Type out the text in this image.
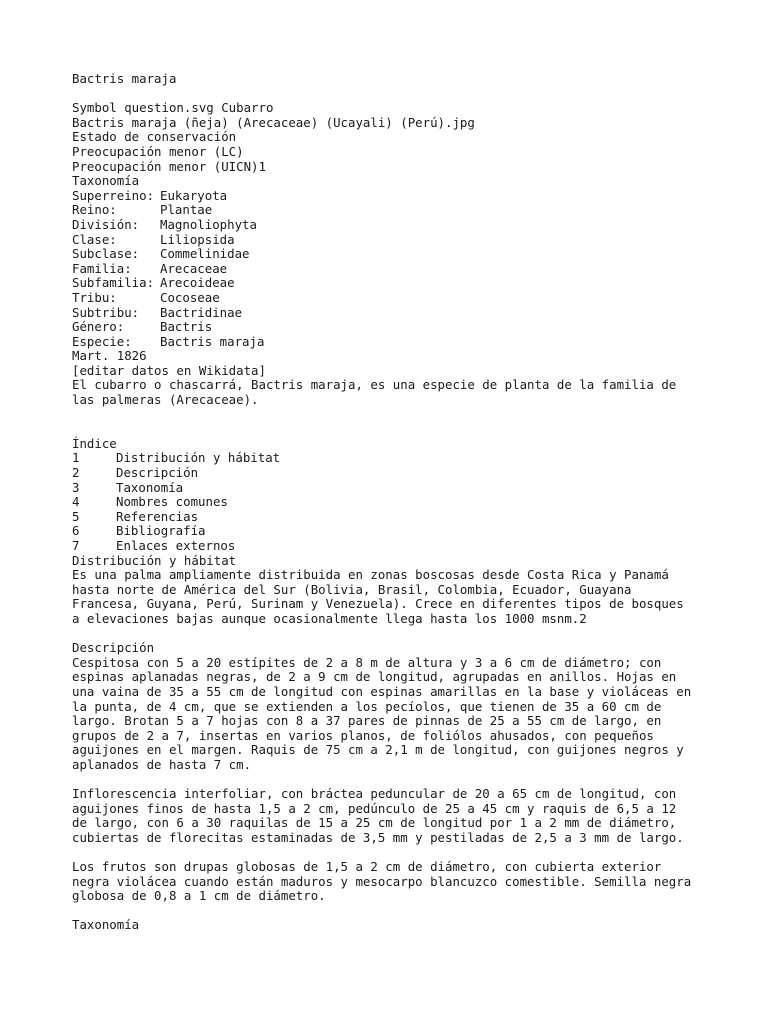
Bactris maraja
Symbol question.svg Cubarro
Bactris maraja (ñeja) (Arecaceae) (Ucayali) (Perú).jpg
Estado de conservación
Preocupación menor (LC)
Preocupación menor (UICN)1
Taxonomía
Superreino: Eukaryota
Reino:	Plantae
División: Magnoliophyta
Clase:	Liliopsida
Subclase: Commelinidae
Familia: Arecaceae
Subfamilia: Arecoideae
Tribu:	Cocoseae
Subtribu: Bactridinae
Género:	Bactris
Especie: Bactris maraja
Mart. 1826
[editar datos en Wikidata]
El cubarro o chascarrá, Bactris maraja, es una especie de planta de la familia de
las palmeras (Arecaceae).
Índice
1	Distribución y hábitat
2	Descripción
3	Taxonomía
4	Nombres comunes
5	Referencias
6	Bibliografía
7	Enlaces externos
Distribución y hábitat
Es una palma ampliamente distribuida en zonas boscosas desde Costa Rica y Panamá
hasta norte de América del Sur (Bolivia, Brasil, Colombia, Ecuador, Guayana
Francesa, Guyana, Perú, Surinam y Venezuela). Crece en diferentes tipos de bosques
a elevaciones bajas aunque ocasionalmente llega hasta los 1000 msnm.2
Descripción
Cespitosa con 5 a 20 estípites de 2 a 8 m de altura y 3 a 6 cm de diámetro; con
espinas aplanadas negras, de 2 a 9 cm de longitud, agrupadas en anillos. Hojas en
una vaina de 35 a 55 cm de longitud con espinas amarillas en la base y violáceas en
la punta, de 4 cm, que se extienden a los pecíolos, que tienen de 35 a 60 cm de
largo. Brotan 5 a 7 hojas con 8 a 37 pares de pinnas de 25 a 55 cm de largo, en
grupos de 2 a 7, insertas en varios planos, de foliólos ahusados, con pequeños
aguijones en el margen. Raquis de 75 cm a 2,1 m de longitud, con guijones negros y
aplanados de hasta 7 cm.
Inflorescencia interfoliar, con bráctea peduncular de 20 a 65 cm de longitud, con
aguijones finos de hasta 1,5 a 2 cm, pedúnculo de 25 a 45 cm y raquis de 6,5 a 12
de largo, con 6 a 30 raquilas de 15 a 25 cm de longitud por 1 a 2 mm de diámetro,
cubiertas de florecitas estaminadas de 3,5 mm y pestiladas de 2,5 a 3 mm de largo.
Los frutos son drupas globosas de 1,5 a 2 cm de diámetro, con cubierta exterior
negra violácea cuando están maduros y mesocarpo blancuzco comestible. Semilla negra
globosa de 0,8 a 1 cm de diámetro.
Taxonomía
